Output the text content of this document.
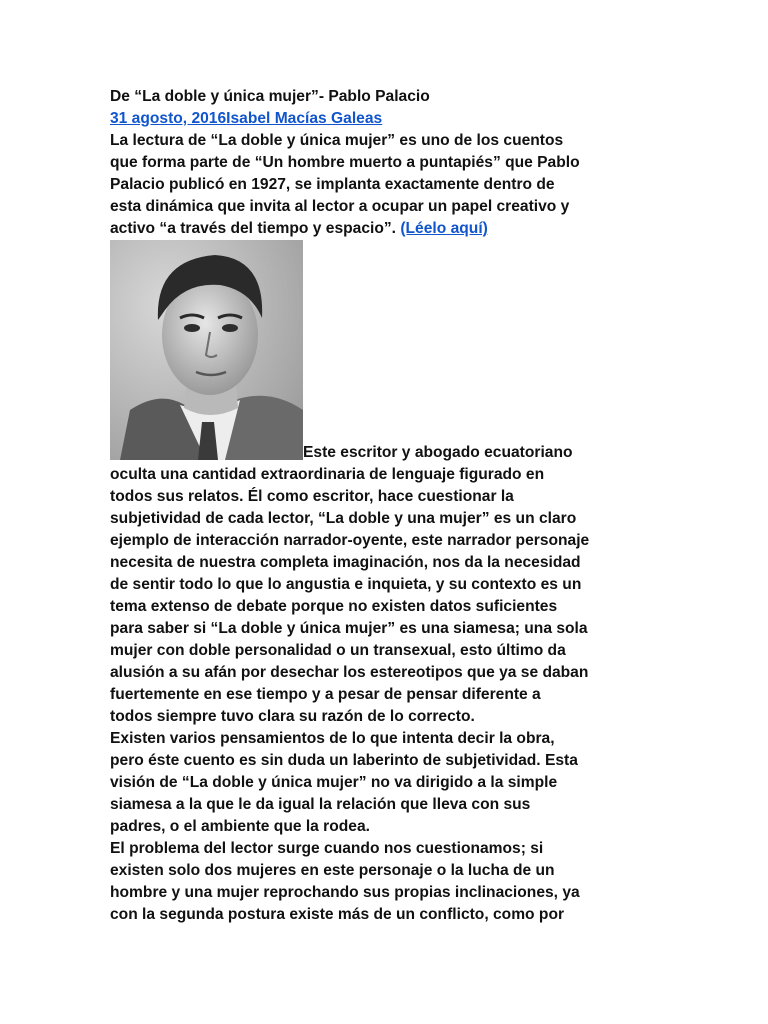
De “La doble y única mujer”- Pablo Palacio
31 agosto, 2016Isabel Macías Galeas
La lectura de “La doble y única mujer” es uno de los cuentos
que forma parte de “Un hombre muerto a puntapiés” que Pablo
Palacio publicó en 1927, se implanta exactamente dentro de
esta dinámica que invita al lector a ocupar un papel creativo y
activo “a través del tiempo y espacio”. (Léelo aquí)
Este escritor y abogado ecuatoriano
oculta una cantidad extraordinaria de lenguaje figurado en
todos sus relatos. Él como escritor, hace cuestionar la
subjetividad de cada lector, “La doble y una mujer” es un claro
ejemplo de interacción narrador-oyente, este narrador personaje
necesita de nuestra completa imaginación, nos da la necesidad
de sentir todo lo que lo angustia e inquieta, y su contexto es un
tema extenso de debate porque no existen datos suficientes
para saber si “La doble y única mujer” es una siamesa; una sola
mujer con doble personalidad o un transexual, esto último da
alusión a su afán por desechar los estereotipos que ya se daban
fuertemente en ese tiempo y a pesar de pensar diferente a
todos siempre tuvo clara su razón de lo correcto.
Existen varios pensamientos de lo que intenta decir la obra,
pero éste cuento es sin duda un laberinto de subjetividad. Esta
visión de “La doble y única mujer” no va dirigido a la simple
siamesa a la que le da igual la relación que lleva con sus
padres, o el ambiente que la rodea.
El problema del lector surge cuando nos cuestionamos; si
existen solo dos mujeres en este personaje o la lucha de un
hombre y una mujer reprochando sus propias inclinaciones, ya
con la segunda postura existe más de un conflicto, como por
